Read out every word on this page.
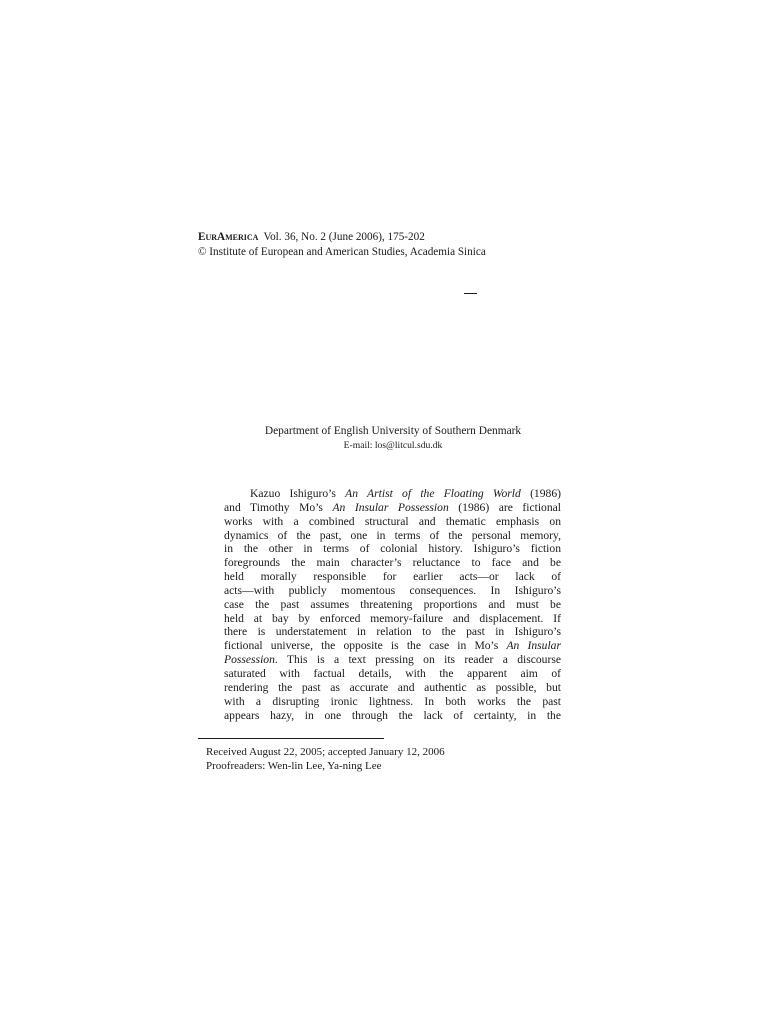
EurAmerica Vol. 36, No. 2 (June 2006), 175-202
© Institute of European and American Studies, Academia Sinica
Department of English University of Southern Denmark
E-mail: los@litcul.sdu.dk
Kazuo Ishiguro’s An Artist of the Floating World (1986)
and Timothy Mo’s An Insular Possession (1986) are fictional
works with a combined structural and thematic emphasis on
dynamics of the past, one in terms of the personal memory,
in the other in terms of colonial history. Ishiguro’s fiction
foregrounds the main character’s reluctance to face and be
held morally responsible for earlier acts—or lack of
acts—with publicly momentous consequences. In Ishiguro’s
case the past assumes threatening proportions and must be
held at bay by enforced memory-failure and displacement. If
there is understatement in relation to the past in Ishiguro’s
fictional universe, the opposite is the case in Mo’s An Insular
Possession. This is a text pressing on its reader a discourse
saturated with factual details, with the apparent aim of
rendering the past as accurate and authentic as possible, but
with a disrupting ironic lightness. In both works the past
appears hazy, in one through the lack of certainty, in the
Received August 22, 2005; accepted January 12, 2006
Proofreaders: Wen-lin Lee, Ya-ning Lee
